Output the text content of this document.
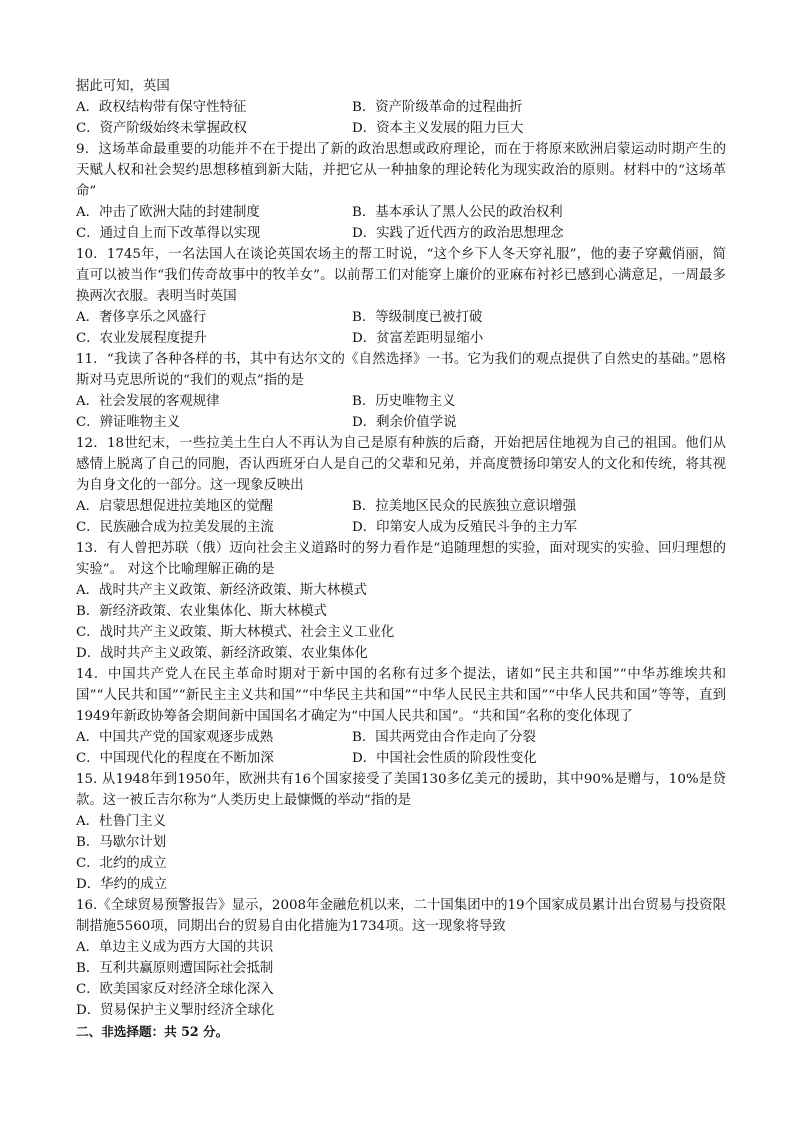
据此可知，英国
A．政权结构带有保守性特征	B．资产阶级革命的过程曲折
C．资产阶级始终未掌握政权	D．资本主义发展的阻力巨大
9．这场革命最重要的功能并不在于提出了新的政治思想或政府理论，而在于将原来欧洲启蒙运动时期产生的天赋人权和社会契约思想移植到新大陆，并把它从一种抽象的理论转化为现实政治的原则。材料中的“这场革命”
A．冲击了欧洲大陆的封建制度	B．基本承认了黑人公民的政治权利
C．通过自上而下改革得以实现	D．实践了近代西方的政治思想理念
10．1745年，一名法国人在谈论英国农场主的帮工时说，“这个乡下人冬天穿礼服”，他的妻子穿戴俏丽，简直可以被当作“我们传奇故事中的牧羊女”。以前帮工们对能穿上廉价的亚麻布衬衫已感到心满意足，一周最多换两次衣服。表明当时英国
A．奢侈享乐之风盛行	B．等级制度已被打破
C．农业发展程度提升	D．贫富差距明显缩小
11．“我读了各种各样的书，其中有达尔文的《自然选择》一书。它为我们的观点提供了自然史的基础。”恩格斯对马克思所说的“我们的观点”指的是
A．社会发展的客观规律	B．历史唯物主义
C．辨证唯物主义	D．剩余价值学说
12．18世纪末，一些拉美土生白人不再认为自己是原有种族的后裔，开始把居住地视为自己的祖国。他们从感情上脱离了自己的同胞，否认西班牙白人是自己的父辈和兄弟，并高度赞扬印第安人的文化和传统，将其视为自身文化的一部分。这一现象反映出
A．启蒙思想促进拉美地区的觉醒	B．拉美地区民众的民族独立意识增强
C．民族融合成为拉美发展的主流	D．印第安人成为反殖民斗争的主力军
13．有人曾把苏联（俄）迈向社会主义道路时的努力看作是“追随理想的实验，面对现实的实验、回归理想的实验”。 对这个比喻理解正确的是
A．战时共产主义政策、新经济政策、斯大林模式
B．新经济政策、农业集体化、斯大林模式
C．战时共产主义政策、斯大林模式、社会主义工业化
D．战时共产主义政策、新经济政策、农业集体化
14．中国共产党人在民主革命时期对于新中国的名称有过多个提法，诸如“民主共和国”“中华苏维埃共和国”“人民共和国”“新民主主义共和国”“中华民主共和国”“中华人民民主共和国”“中华人民共和国”等等，直到1949年新政协筹备会期间新中国国名才确定为“中国人民共和国”。“共和国”名称的变化体现了
A．中国共产党的国家观逐步成熟	B．国共两党由合作走向了分裂
C．中国现代化的程度在不断加深	D．中国社会性质的阶段性变化
15. 从1948年到1950年，欧洲共有16个国家接受了美国130多亿美元的援助，其中90%是赠与，10%是贷款。这一被丘吉尔称为“人类历史上最慷慨的举动”指的是
A．杜鲁门主义
B．马歇尔计划
C．北约的成立
D．华约的成立
16.《全球贸易预警报告》显示，2008年金融危机以来，二十国集团中的19个国家成员累计出台贸易与投资限制措施5560项，同期出台的贸易自由化措施为1734项。这一现象将导致
A．单边主义成为西方大国的共识
B．互利共赢原则遭国际社会抵制
C．欧美国家反对经济全球化深入
D．贸易保护主义掣肘经济全球化
二、非选择题：共 52 分。
